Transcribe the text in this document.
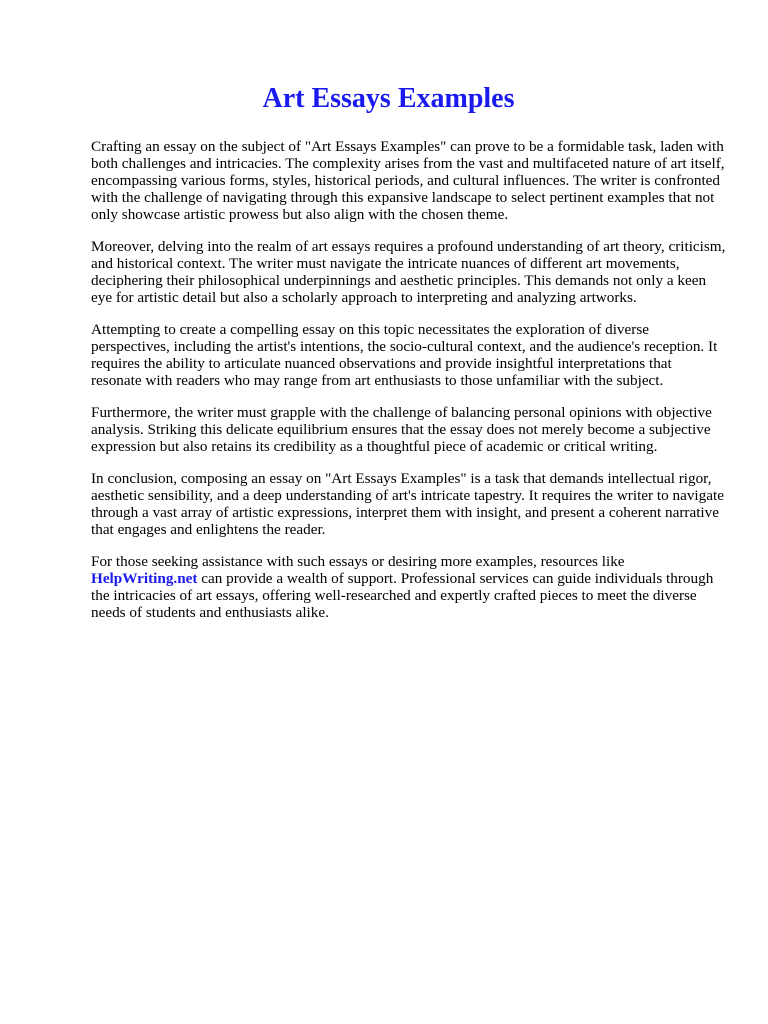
Art Essays Examples

Crafting an essay on the subject of "Art Essays Examples" can prove to be a formidable task, laden with both challenges and intricacies. The complexity arises from the vast and multifaceted nature of art itself, encompassing various forms, styles, historical periods, and cultural influences. The writer is confronted with the challenge of navigating through this expansive landscape to select pertinent examples that not only showcase artistic prowess but also align with the chosen theme.

Moreover, delving into the realm of art essays requires a profound understanding of art theory, criticism, and historical context. The writer must navigate the intricate nuances of different art movements, deciphering their philosophical underpinnings and aesthetic principles. This demands not only a keen eye for artistic detail but also a scholarly approach to interpreting and analyzing artworks.

Attempting to create a compelling essay on this topic necessitates the exploration of diverse perspectives, including the artist's intentions, the socio-cultural context, and the audience's reception. It requires the ability to articulate nuanced observations and provide insightful interpretations that resonate with readers who may range from art enthusiasts to those unfamiliar with the subject.

Furthermore, the writer must grapple with the challenge of balancing personal opinions with objective analysis. Striking this delicate equilibrium ensures that the essay does not merely become a subjective expression but also retains its credibility as a thoughtful piece of academic or critical writing.

In conclusion, composing an essay on "Art Essays Examples" is a task that demands intellectual rigor, aesthetic sensibility, and a deep understanding of art's intricate tapestry. It requires the writer to navigate through a vast array of artistic expressions, interpret them with insight, and present a coherent narrative that engages and enlightens the reader.

For those seeking assistance with such essays or desiring more examples, resources like HelpWriting.net can provide a wealth of support. Professional services can guide individuals through the intricacies of art essays, offering well-researched and expertly crafted pieces to meet the diverse needs of students and enthusiasts alike.
